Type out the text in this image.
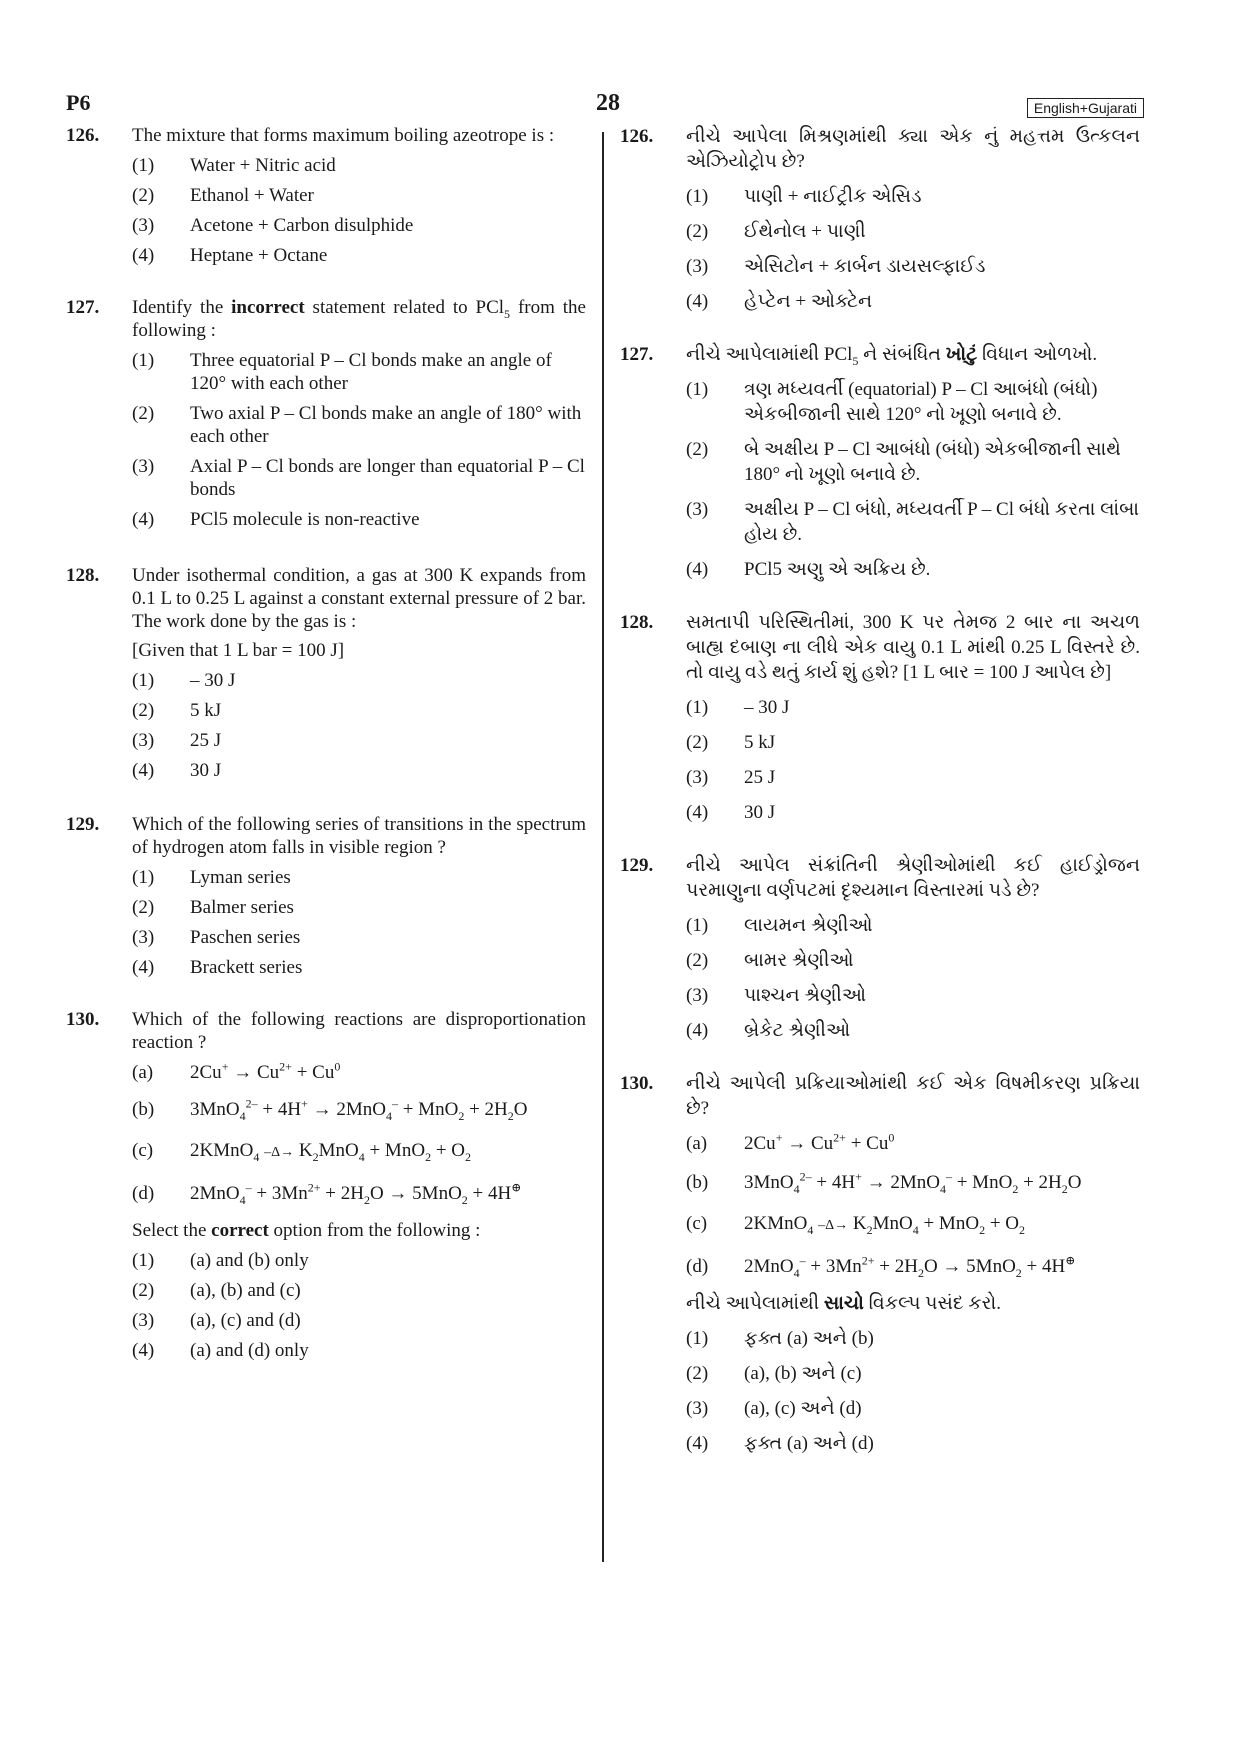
P6	28	English+Gujarati
126.	The mixture that forms maximum boiling azeotrope is :
(1)	Water + Nitric acid
(2)	Ethanol + Water
(3)	Acetone + Carbon disulphide
(4)	Heptane + Octane
127.	Identify the incorrect statement related to PCl$_5$ from the following :
(1)	Three equatorial P – Cl bonds make an angle of 120° with each other
(2)	Two axial P – Cl bonds make an angle of 180° with each other
(3)	Axial P – Cl bonds are longer than equatorial P – Cl bonds
(4)	PCl5 molecule is non-reactive
128.	Under isothermal condition, a gas at 300 K expands from 0.1 L to 0.25 L against a constant external pressure of 2 bar. The work done by the gas is :
[Given that 1 L bar = 100 J]
(1)	– 30 J
(2)	5 kJ
(3)	25 J
(4)	30 J
129.	Which of the following series of transitions in the spectrum of hydrogen atom falls in visible region ?
(1)	Lyman series
(2)	Balmer series
(3)	Paschen series
(4)	Brackett series
130.	Which of the following reactions are disproportionation reaction ?
(a)	$2Cu^+ \to Cu^{2+} + Cu^0$
(b)	$3MnO_4^{2-} + 4H^+ \to 2MnO_4^- + MnO_2 + 2H_2O$
(c)	2KMnO$_4$ $-\Delta\to K_2MnO_4 + MnO_2 + O_2$
(d)	$2MnO_4^- + 3Mn^{2+} + 2H_2O \to 5MnO_2 + 4H^\oplus$
Select the correct option from the following :
(1)	(a) and (b) only
(2)	(a), (b) and (c)
(3)	(a), (c) and (d)
(4)	(a) and (d) only
126.	નીચે આપેલા મિશ્રણમાંથી ક્યા એક નું મહત્તમ ઉત્કલન એઝિયોટ્રોપ છે?
(1)	પાણી + નાઈટ્રીક એસિડ
(2)	ઈથેનોલ + પાણી
(3)	એસિટોન + કાર્બન ડાયસલ્ફાઈડ
(4)	હેપ્ટેન + ઓક્ટેન
127.	નીચે આપેલામાંથી PCl$_5$ ને સંબંધિત ખોટું વિધાન ઓળખો.
(1)	ત્રણ મધ્યવર્તી (equatorial) P – Cl આબંધો (બંધો) એકબીજાની સાથે 120° નો ખૂણો બનાવે છે.
(2)	બે અક્ષીય P – Cl આબંધો (બંધો) એકબીજાની સાથે 180° નો ખૂણો બનાવે છે.
(3)	અક્ષીય P – Cl બંધો, મધ્યવર્તી P – Cl બંધો કરતા લાંબા હોય છે.
(4)	PCl5 અણુ એ અક્રિય છે.
128.	સમતાપી પરિસ્થિતીમાં, 300 K પર તેમજ 2 બાર ના અચળ બાહ્ય દબાણ ના લીધે એક વાયુ 0.1 L માંથી 0.25 L વિસ્તરે છે. તો વાયુ વડે થતું કાર્ય શું હશે? [1 L બાર = 100 J આપેલ છે]
(1)	– 30 J
(2)	5 kJ
(3)	25 J
(4)	30 J
129.	નીચે આપેલ સંક્રાંતિની શ્રેણીઓમાંથી કઈ હાઈડ્રોજન પરમાણુના વર્ણપટમાં દૃશ્યમાન વિસ્તારમાં પડે છે?
(1)	લાયમન શ્રેણીઓ
(2)	બામર શ્રેણીઓ
(3)	પાશ્ચન શ્રેણીઓ
(4)	બ્રેકેટ શ્રેણીઓ
130.	નીચે આપેલી પ્રક્રિયાઓમાંથી કઈ એક વિષમીકરણ પ્રક્રિયા છે?
(a)	$2Cu^+ \to Cu^{2+} + Cu^0$
(b)	$3MnO_4^{2-} + 4H^+ \to 2MnO_4^- + MnO_2 + 2H_2O$
(c)	2KMnO$_4$ $-\Delta\to K_2MnO_4 + MnO_2 + O_2$
(d)	$2MnO_4^- + 3Mn^{2+} + 2H_2O \to 5MnO_2 + 4H^\oplus$
નીચે આપેલામાંથી સાચો વિકલ્પ પસંદ કરો.
(1)	ફક્ત (a) અને (b)
(2)	(a), (b) અને (c)
(3)	(a), (c) અને (d)
(4)	ફક્ત (a) અને (d)
